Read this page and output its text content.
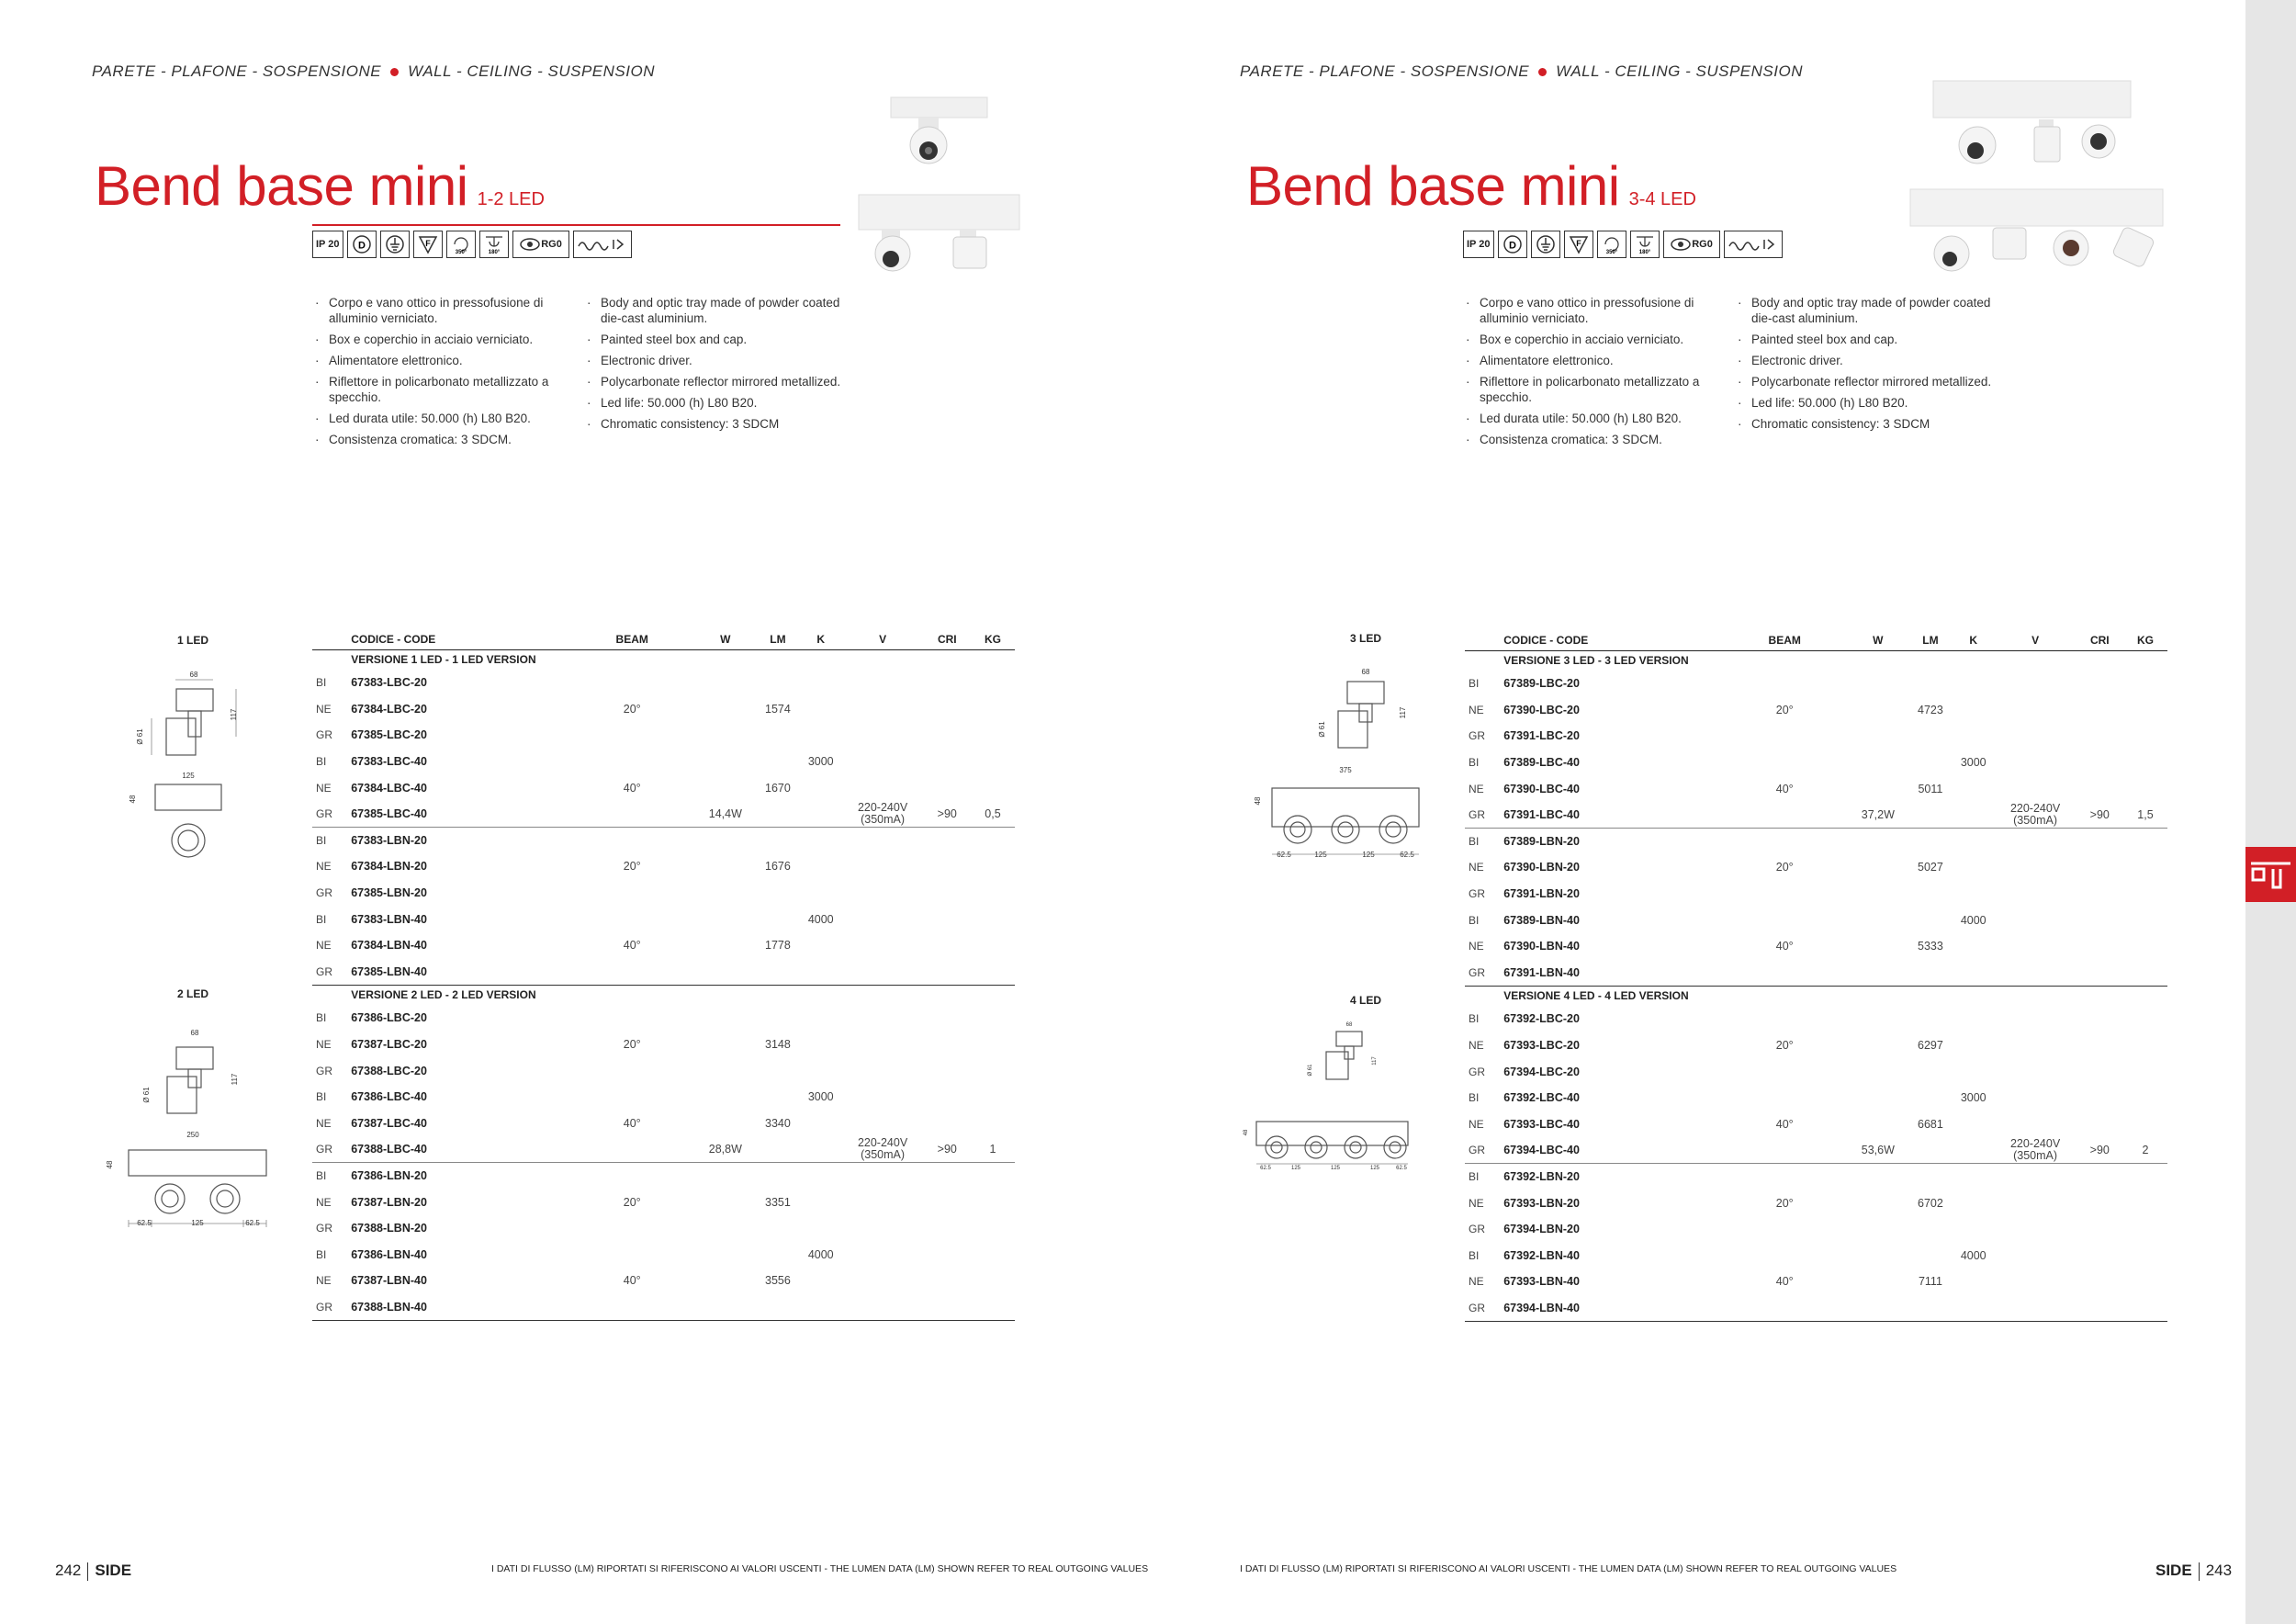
PARETE - PLAFONE - SOSPENSIONE WALL - CEILING - SUSPENSION
Bend base mini 1-2 LED
IP 20	D	F
350°	180°
RG0
· Corpo e vano ottico in pressofusione di alluminio verniciato.
· Box e coperchio in acciaio verniciato.
· Alimentatore elettronico.
· Riflettore in policarbonato metallizzato a specchio.
· Led durata utile: 50.000 (h) L80 B20.
· Consistenza cromatica: 3 SDCM.
· Body and optic tray made of powder coated die-cast aluminium.
· Painted steel box and cap.
· Electronic driver.
· Polycarbonate reflector mirrored metallized.
· Led life: 50.000 (h) L80 B20.
· Chromatic consistency: 3 SDCM
1 LED
68
117
Ø 61
125
48
2 LED
68
117
Ø 61
250
48
62.5	125	62.5
	CODICE - CODE	BEAM	W	LM	K	V	CRI	KG
	VERSIONE 1 LED - 1 LED VERSION							
BI	67383-LBC-20							
NE	67384-LBC-20	20°		1574				
GR	67385-LBC-20							
BI	67383-LBC-40				3000			
NE	67384-LBC-40	40°		1670				
GR	67385-LBC-40		14,4W			220-240V
(350mA)	>90	0,5
BI	67383-LBN-20							
NE	67384-LBN-20	20°		1676				
GR	67385-LBN-20							
BI	67383-LBN-40				4000			
NE	67384-LBN-40	40°		1778				
GR	67385-LBN-40							
	VERSIONE 2 LED - 2 LED VERSION							
BI	67386-LBC-20							
NE	67387-LBC-20	20°		3148				
GR	67388-LBC-20							
BI	67386-LBC-40				3000			
NE	67387-LBC-40	40°		3340				
GR	67388-LBC-40		28,8W			220-240V
(350mA)	>90	1
BI	67386-LBN-20							
NE	67387-LBN-20	20°		3351				
GR	67388-LBN-20							
BI	67386-LBN-40				4000			
NE	67387-LBN-40	40°		3556				
GR	67388-LBN-40							
I DATI DI FLUSSO (LM) RIPORTATI SI RIFERISCONO AI VALORI USCENTI - THE LUMEN DATA (LM) SHOWN REFER TO REAL OUTGOING VALUES
242 SIDE
PARETE - PLAFONE - SOSPENSIONE WALL - CEILING - SUSPENSION
Bend base mini 3-4 LED
IP 20	D	F
350°	180°
RG0
· Corpo e vano ottico in pressofusione di alluminio verniciato.
· Box e coperchio in acciaio verniciato.
· Alimentatore elettronico.
· Riflettore in policarbonato metallizzato a specchio.
· Led durata utile: 50.000 (h) L80 B20.
· Consistenza cromatica: 3 SDCM.
· Body and optic tray made of powder coated die-cast aluminium.
· Painted steel box and cap.
· Electronic driver.
· Polycarbonate reflector mirrored metallized.
· Led life: 50.000 (h) L80 B20.
· Chromatic consistency: 3 SDCM
3 LED
68
117
Ø 61
375
48
62.5	125	125	62.5
4 LED
68
117
Ø 61
48
62.5	125	125	125	62.5
	CODICE - CODE	BEAM	W	LM	K	V	CRI	KG
	VERSIONE 3 LED - 3 LED VERSION							
BI	67389-LBC-20							
NE	67390-LBC-20	20°		4723				
GR	67391-LBC-20							
BI	67389-LBC-40				3000			
NE	67390-LBC-40	40°		5011				
GR	67391-LBC-40		37,2W			220-240V
(350mA)	>90	1,5
BI	67389-LBN-20							
NE	67390-LBN-20	20°		5027				
GR	67391-LBN-20							
BI	67389-LBN-40				4000			
NE	67390-LBN-40	40°		5333				
GR	67391-LBN-40							
	VERSIONE 4 LED - 4 LED VERSION							
BI	67392-LBC-20							
NE	67393-LBC-20	20°		6297				
GR	67394-LBC-20							
BI	67392-LBC-40				3000			
NE	67393-LBC-40	40°		6681				
GR	67394-LBC-40		53,6W			220-240V
(350mA)	>90	2
BI	67392-LBN-20							
NE	67393-LBN-20	20°		6702				
GR	67394-LBN-20							
BI	67392-LBN-40				4000			
NE	67393-LBN-40	40°		7111				
GR	67394-LBN-40							
I DATI DI FLUSSO (LM) RIPORTATI SI RIFERISCONO AI VALORI USCENTI - THE LUMEN DATA (LM) SHOWN REFER TO REAL OUTGOING VALUES	SIDE 243
